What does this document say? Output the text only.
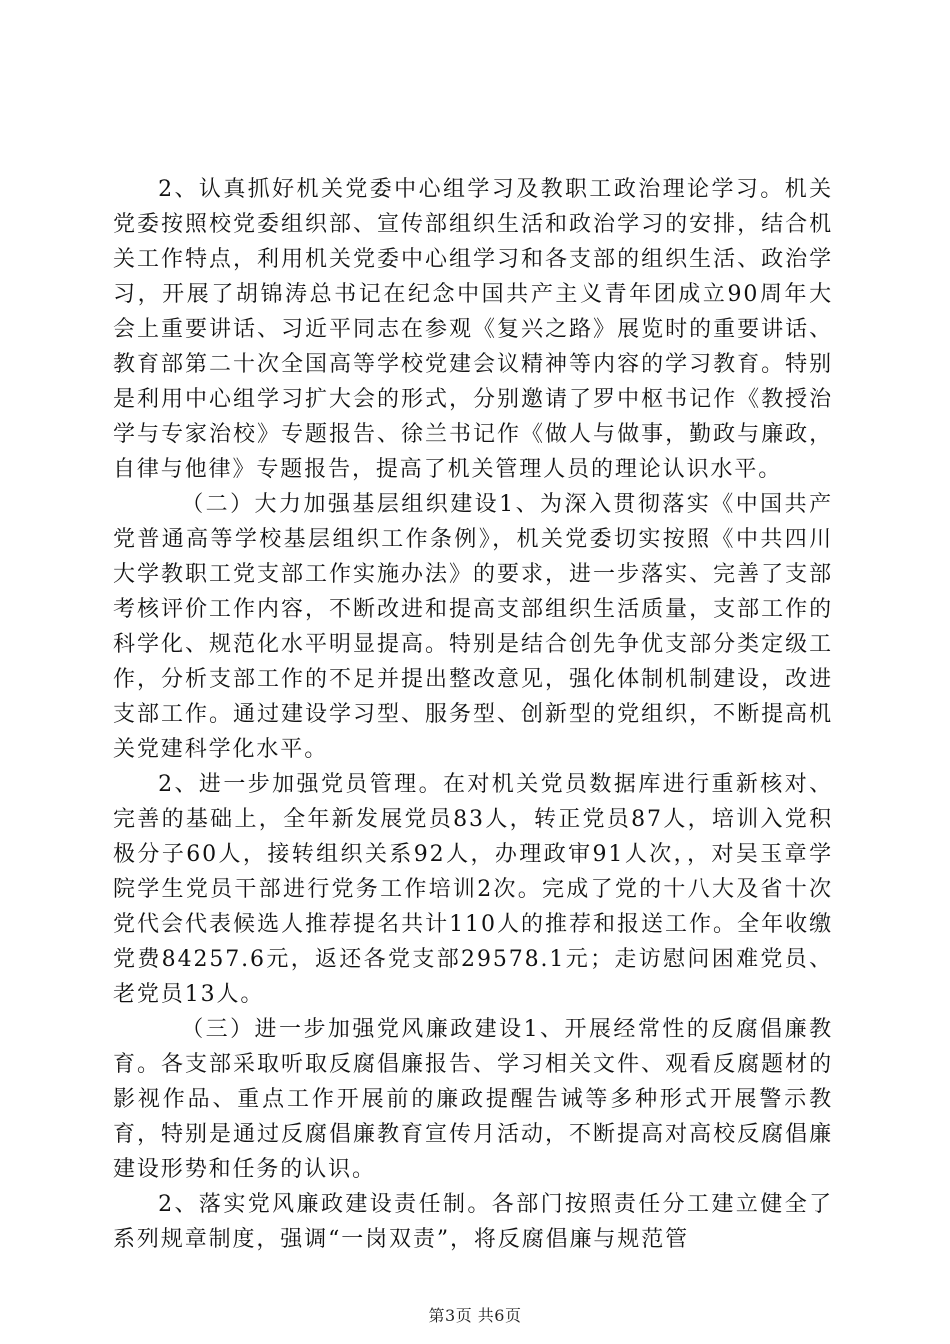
2、认真抓好机关党委中心组学习及教职工政治理论学习。机关党委按照校党委组织部、宣传部组织生活和政治学习的安排，结合机关工作特点，利用机关党委中心组学习和各支部的组织生活、政治学习，开展了胡锦涛总书记在纪念中国共产主义青年团成立90周年大会上重要讲话、习近平同志在参观《复兴之路》展览时的重要讲话、教育部第二十次全国高等学校党建会议精神等内容的学习教育。特别是利用中心组学习扩大会的形式，分别邀请了罗中枢书记作《教授治学与专家治校》专题报告、徐兰书记作《做人与做事，勤政与廉政，自律与他律》专题报告，提高了机关管理人员的理论认识水平。

（二）大力加强基层组织建设1、为深入贯彻落实《中国共产党普通高等学校基层组织工作条例》，机关党委切实按照《中共四川大学教职工党支部工作实施办法》的要求，进一步落实、完善了支部考核评价工作内容，不断改进和提高支部组织生活质量，支部工作的科学化、规范化水平明显提高。特别是结合创先争优支部分类定级工作，分析支部工作的不足并提出整改意见，强化体制机制建设，改进支部工作。通过建设学习型、服务型、创新型的党组织，不断提高机关党建科学化水平。

2、进一步加强党员管理。在对机关党员数据库进行重新核对、完善的基础上，全年新发展党员83人，转正党员87人，培训入党积极分子60人，接转组织关系92人，办理政审91人次，，对吴玉章学院学生党员干部进行党务工作培训2次。完成了党的十八大及省十次党代会代表候选人推荐提名共计110人的推荐和报送工作。全年收缴党费84257.6元，返还各党支部29578.1元；走访慰问困难党员、老党员13人。

（三）进一步加强党风廉政建设1、开展经常性的反腐倡廉教育。各支部采取听取反腐倡廉报告、学习相关文件、观看反腐题材的影视作品、重点工作开展前的廉政提醒告诫等多种形式开展警示教育，特别是通过反腐倡廉教育宣传月活动，不断提高对高校反腐倡廉建设形势和任务的认识。

2、落实党风廉政建设责任制。各部门按照责任分工建立健全了系列规章制度，强调“一岗双责”，将反腐倡廉与规范管

第3页 共6页
